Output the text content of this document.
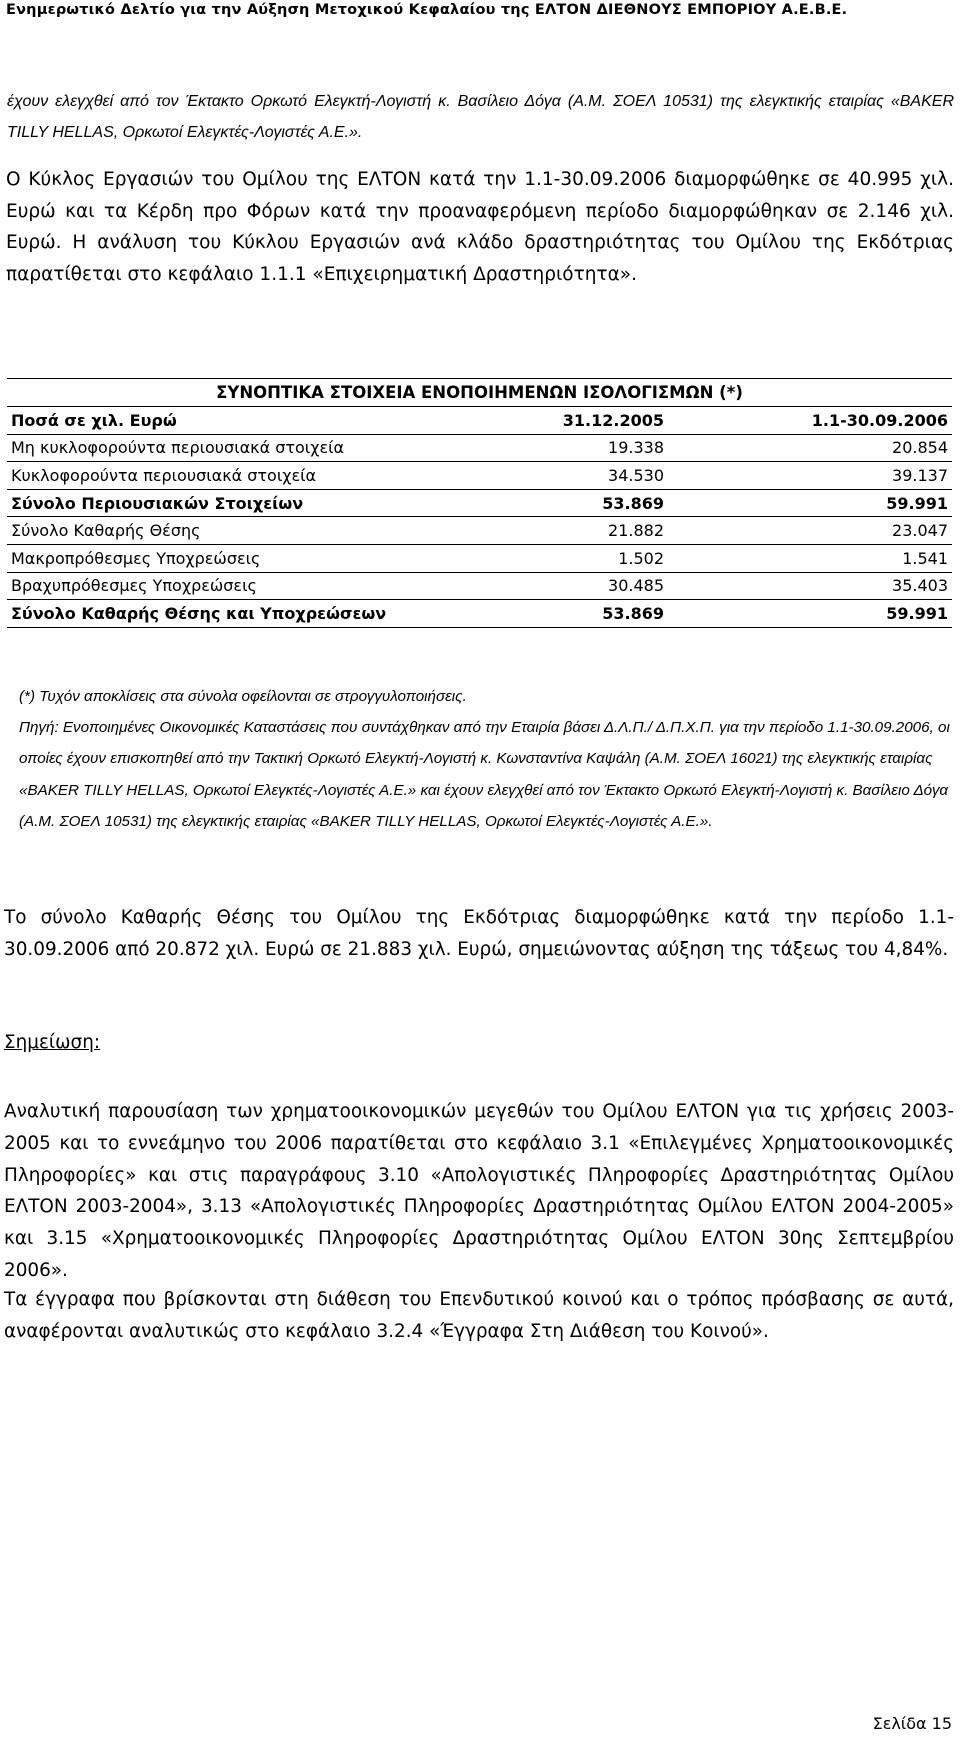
Ενημερωτικό Δελτίο για την Αύξηση Μετοχικού Κεφαλαίου της ΕΛΤΟΝ ΔΙΕΘΝΟΥΣ ΕΜΠΟΡΙΟΥ Α.Ε.Β.Ε.
έχουν ελεγχθεί από τον Έκτακτο Ορκωτό Ελεγκτή-Λογιστή κ. Βασίλειο Δόγα (Α.Μ. ΣΟΕΛ 10531) της ελεγκτικής εταιρίας «BAKER TILLY HELLAS, Ορκωτοί Ελεγκτές-Λογιστές Α.Ε.».
Ο Κύκλος Εργασιών του Ομίλου της ΕΛΤΟΝ κατά την 1.1-30.09.2006 διαμορφώθηκε σε 40.995 χιλ. Ευρώ και τα Κέρδη προ Φόρων κατά την προαναφερόμενη περίοδο διαμορφώθηκαν σε 2.146 χιλ. Ευρώ. Η ανάλυση του Κύκλου Εργασιών ανά κλάδο δραστηριότητας του Ομίλου της Εκδότριας παρατίθεται στο κεφάλαιο 1.1.1 «Επιχειρηματική Δραστηριότητα».
ΣΥΝΟΠΤΙΚΑ ΣΤΟΙΧΕΙΑ ΕΝΟΠΟΙΗΜΕΝΩΝ ΙΣΟΛΟΓΙΣΜΩΝ (*)		
Ποσά σε χιλ. Ευρώ	31.12.2005	1.1-30.09.2006
Μη κυκλοφορούντα περιουσιακά στοιχεία	19.338	20.854
Κυκλοφορούντα περιουσιακά στοιχεία	34.530	39.137
Σύνολο Περιουσιακών Στοιχείων	53.869	59.991
Σύνολο Καθαρής Θέσης	21.882	23.047
Μακροπρόθεσμες Υποχρεώσεις	1.502	1.541
Βραχυπρόθεσμες Υποχρεώσεις	30.485	35.403
Σύνολο Καθαρής Θέσης και Υποχρεώσεων	53.869	59.991
(*) Τυχόν αποκλίσεις στα σύνολα οφείλονται σε στρογγυλοποιήσεις.
Πηγή: Ενοποιημένες Οικονομικές Καταστάσεις που συντάχθηκαν από την Εταιρία βάσει Δ.Λ.Π./ Δ.Π.Χ.Π. για την περίοδο 1.1-30.09.2006, οι οποίες έχουν επισκοπηθεί από την Τακτική Ορκωτό Ελεγκτή-Λογιστή κ. Κωνσταντίνα Καψάλη (Α.Μ. ΣΟΕΛ 16021) της ελεγκτικής εταιρίας «BAKER TILLY HELLAS, Ορκωτοί Ελεγκτές-Λογιστές Α.Ε.» και έχουν ελεγχθεί από τον Έκτακτο Ορκωτό Ελεγκτή-Λογιστή κ. Βασίλειο Δόγα (Α.Μ. ΣΟΕΛ 10531) της ελεγκτικής εταιρίας «BAKER TILLY HELLAS, Ορκωτοί Ελεγκτές-Λογιστές Α.Ε.».
Το σύνολο Καθαρής Θέσης του Ομίλου της Εκδότριας διαμορφώθηκε κατά την περίοδο 1.1-30.09.2006 από 20.872 χιλ. Ευρώ σε 21.883 χιλ. Ευρώ, σημειώνοντας αύξηση της τάξεως του 4,84%.
Σημείωση:
Αναλυτική παρουσίαση των χρηματοοικονομικών μεγεθών του Ομίλου ΕΛΤΟΝ για τις χρήσεις 2003-2005 και το εννεάμηνο του 2006 παρατίθεται στο κεφάλαιο 3.1 «Επιλεγμένες Χρηματοοικονομικές Πληροφορίες» και στις παραγράφους 3.10 «Απολογιστικές Πληροφορίες Δραστηριότητας Ομίλου ΕΛΤΟΝ 2003-2004», 3.13 «Απολογιστικές Πληροφορίες Δραστηριότητας Ομίλου ΕΛΤΟΝ 2004-2005» και 3.15 «Χρηματοοικονομικές Πληροφορίες Δραστηριότητας Ομίλου ΕΛΤΟΝ 30ης Σεπτεμβρίου 2006».
Τα έγγραφα που βρίσκονται στη διάθεση του Επενδυτικού κοινού και ο τρόπος πρόσβασης σε αυτά, αναφέρονται αναλυτικώς στο κεφάλαιο 3.2.4 «Έγγραφα Στη Διάθεση του Κοινού».
Σελίδα 15
